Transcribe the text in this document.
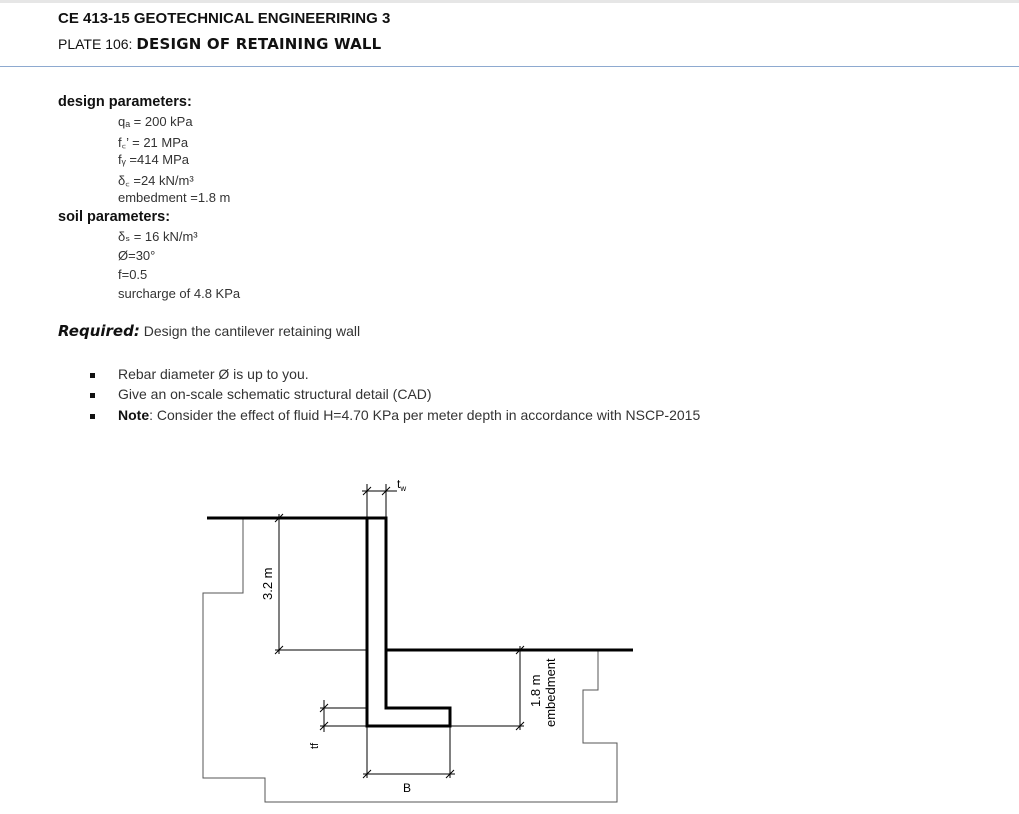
CE 413-15 GEOTECHNICAL ENGINEERIRING 3
PLATE 106: DESIGN OF RETAINING WALL
design parameters:
qₐ = 200 kPa
f꜀’ = 21 MPa
fᵧ =414 MPa
δ꜀ =24 kN/m³
embedment =1.8 m
soil parameters:
δₛ = 16 kN/m³
Ø=30°
f=0.5
surcharge of 4.8 KPa
Required: Design the cantilever retaining wall
Rebar diameter Ø is up to you.
Give an on-scale schematic structural detail (CAD)
Note: Consider the effect of fluid H=4.70 KPa per meter depth in accordance with NSCP-2015
$t_w$
3.2 m
tf
B
1.8 m embedment
